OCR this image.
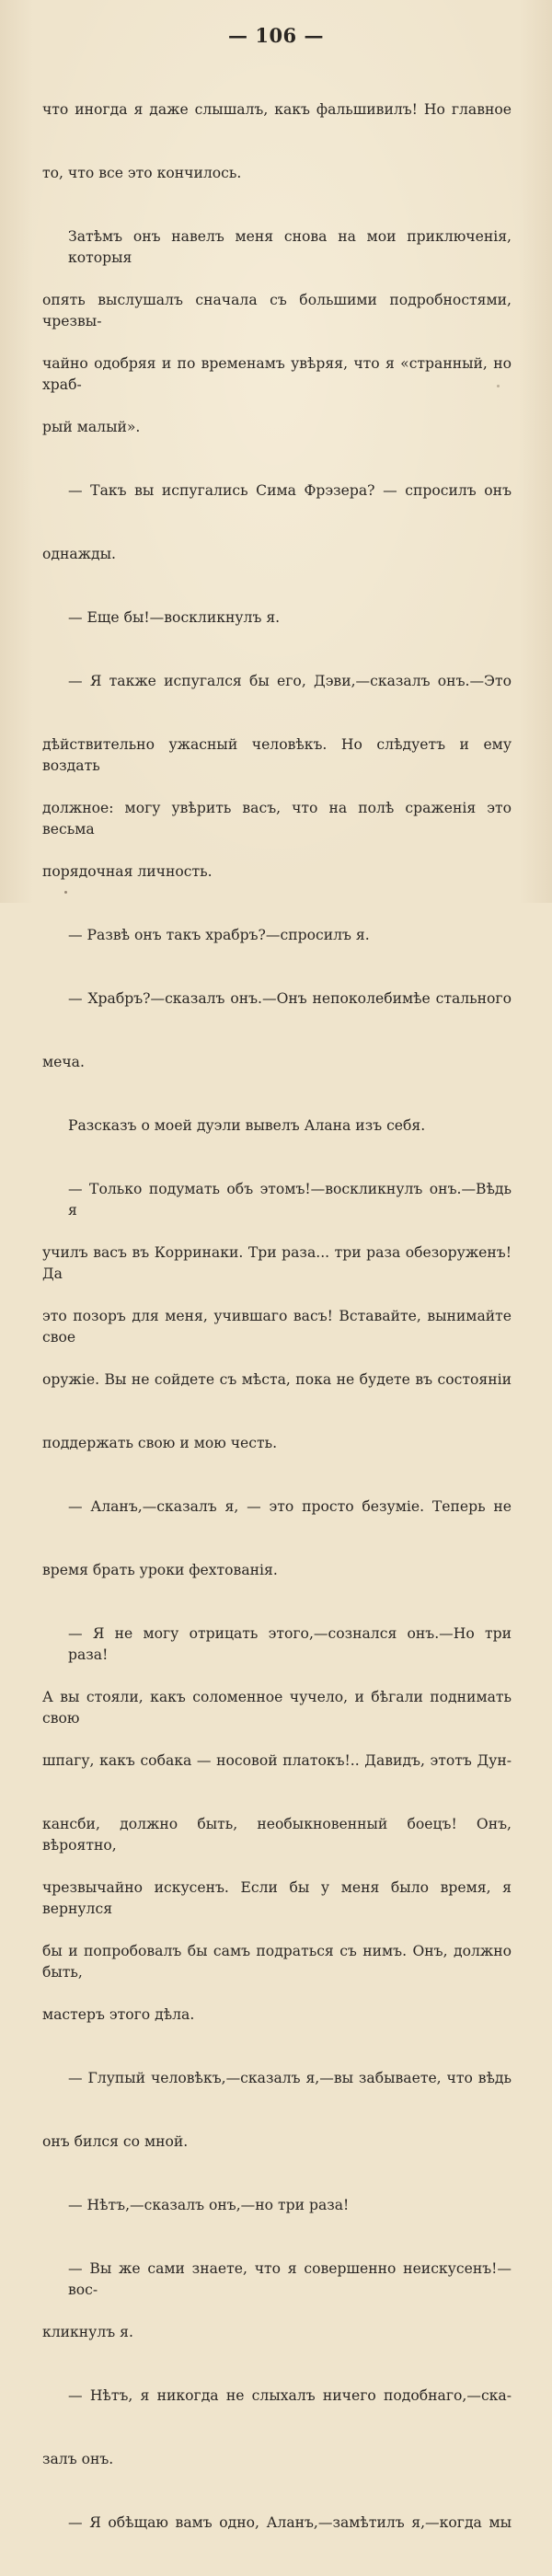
— 106 —

что иногда я даже слышалъ, какъ фальшивилъ! Но главное

то, что все это кончилось.

Затѣмъ онъ навелъ меня снова на мои приключенія, которыя

опять выслушалъ сначала съ большими подробностями, чрезвы-

чайно одобряя и по временамъ увѣряя, что я «странный, но храб-

рый малый».

— Такъ вы испугались Сима Фрэзера? — спросилъ онъ

однажды.

— Еще бы!—воскликнулъ я.

— Я также испугался бы его, Дэви,—сказалъ онъ.—Это

дѣйствительно ужасный человѣкъ. Но слѣдуетъ и ему воздать

должное: могу увѣрить васъ, что на полѣ сраженія это весьма

порядочная личность.

— Развѣ онъ такъ храбръ?—спросилъ я.

— Храбръ?—сказалъ онъ.—Онъ непоколебимѣе стального

меча.

Разсказъ о моей дуэли вывелъ Алана изъ себя.

— Только подумать объ этомъ!—воскликнулъ онъ.—Вѣдь я

училъ васъ въ Корринаки. Три раза... три раза обезоруженъ! Да

это позоръ для меня, учившаго васъ! Вставайте, вынимайте свое

оружіе. Вы не сойдете съ мѣста, пока не будете въ состояніи

поддержать свою и мою честь.

— Аланъ,—сказалъ я, — это просто безуміе. Теперь не

время брать уроки фехтованія.

— Я не могу отрицать этого,—сознался онъ.—Но три раза!

А вы стояли, какъ соломенное чучело, и бѣгали поднимать свою

шпагу, какъ собака — носовой платокъ!.. Давидъ, этотъ Дун-

кансби, должно быть, необыкновенный боецъ! Онъ, вѣроятно,

чрезвычайно искусенъ. Если бы у меня было время, я вернулся

бы и попробовалъ бы самъ подраться съ нимъ. Онъ, должно быть,

мастеръ этого дѣла.

— Глупый человѣкъ,—сказалъ я,—вы забываете, что вѣдь

онъ бился со мной.

— Нѣтъ,—сказалъ онъ,—но три раза!

— Вы же сами знаете, что я совершенно неискусенъ!—вос-

кликнулъ я.

— Нѣтъ, я никогда не слыхалъ ничего подобнаго,—ска-

залъ онъ.

— Я обѣщаю вамъ одно, Аланъ,—замѣтилъ я,—когда мы
